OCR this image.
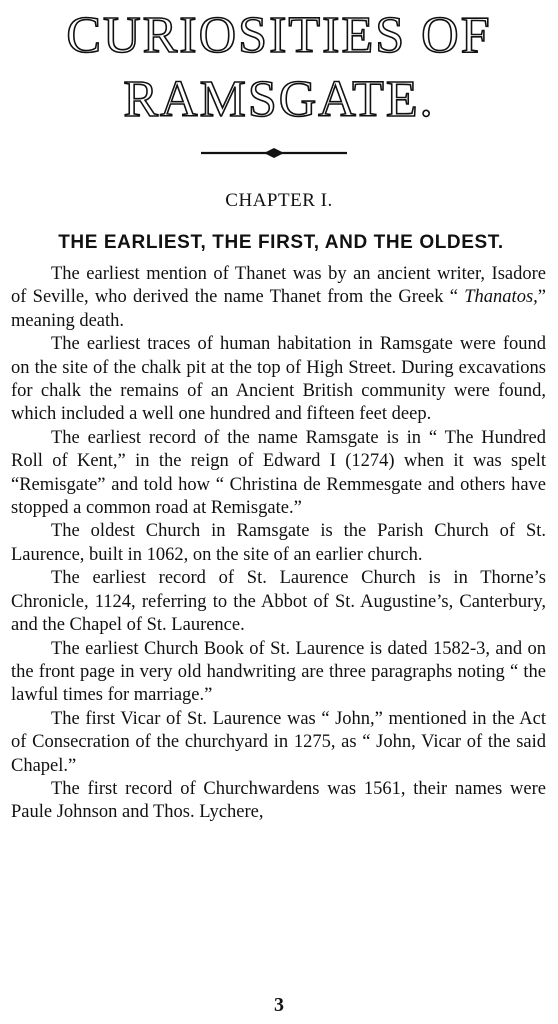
CURIOSITIES OF
RAMSGATE.
CHAPTER I.
THE EARLIEST, THE FIRST, AND THE OLDEST.

The earliest mention of Thanet was by an ancient writer, Isadore of Seville, who derived the name Thanet from the Greek “ Thanatos,” meaning death.

The earliest traces of human habitation in Ramsgate were found on the site of the chalk pit at the top of High Street. During excavations for chalk the remains of an Ancient British community were found, which included a well one hundred and fifteen feet deep.

The earliest record of the name Ramsgate is in “ The Hundred Roll of Kent,” in the reign of Edward I (1274) when it was spelt “Remisgate” and told how “ Christina de Remmesgate and others have stopped a common road at Remisgate.”

The oldest Church in Ramsgate is the Parish Church of St. Laurence, built in 1062, on the site of an earlier church.

The earliest record of St. Laurence Church is in Thorne’s Chronicle, 1124, referring to the Abbot of St. Augustine’s, Canterbury, and the Chapel of St. Laurence.

The earliest Church Book of St. Laurence is dated 1582-3, and on the front page in very old handwriting are three paragraphs noting “ the lawful times for marriage.”

The first Vicar of St. Laurence was “ John,” mentioned in the Act of Consecration of the churchyard in 1275, as “ John, Vicar of the said Chapel.”

The first record of Churchwardens was 1561, their names were Paule Johnson and Thos. Lychere,

3
